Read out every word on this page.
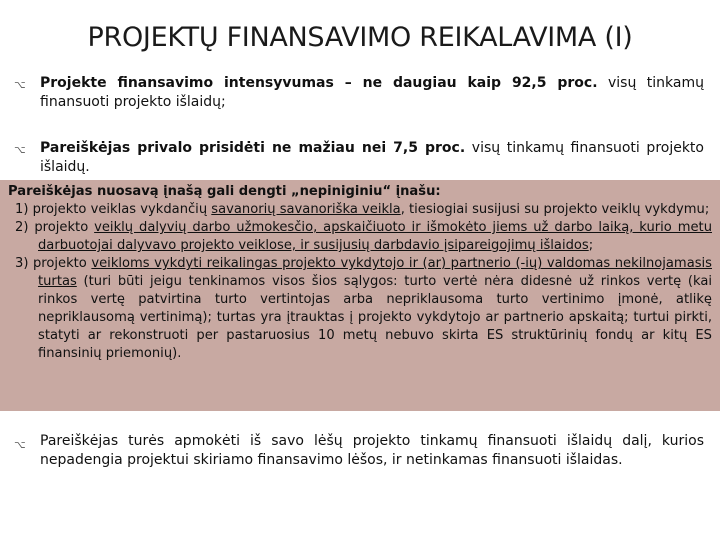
PROJEKTŲ FINANSAVIMO REIKALAVIMA (I)
⌥ Projekte finansavimo intensyvumas – ne daugiau kaip 92,5 proc. visų tinkamų finansuoti projekto išlaidų;
⌥ Pareiškėjas privalo prisidėti ne mažiau nei 7,5 proc. visų tinkamų finansuoti projekto išlaidų.
Pareiškėjas nuosavą įnašą gali dengti „nepiniginiu“ įnašu:
1) projekto veiklas vykdančių savanorių savanoriška veikla, tiesiogiai susijusi su projekto veiklų vykdymu;
2) projekto veiklų dalyvių darbo užmokesčio, apskaičiuoto ir išmokėto jiems už darbo laiką, kurio metu darbuotojai dalyvavo projekto veiklose, ir susijusių darbdavio įsipareigojimų išlaidos;
3) projekto veikloms vykdyti reikalingas projekto vykdytojo ir (ar) partnerio (-ių) valdomas nekilnojamasis turtas (turi būti jeigu tenkinamos visos šios sąlygos: turto vertė nėra didesnė už rinkos vertę (kai rinkos vertę patvirtina turto vertintojas arba nepriklausoma turto vertinimo įmonė, atlikę nepriklausomą vertinimą); turtas yra įtrauktas į projekto vykdytojo ar partnerio apskaitą; turtui pirkti, statyti ar rekonstruoti per pastaruosius 10 metų nebuvo skirta ES struktūrinių fondų ar kitų ES finansinių priemonių).
⌥ Pareiškėjas turės apmokėti iš savo lėšų projekto tinkamų finansuoti išlaidų dalį, kurios nepadengia projektui skiriamo finansavimo lėšos, ir netinkamas finansuoti išlaidas.
